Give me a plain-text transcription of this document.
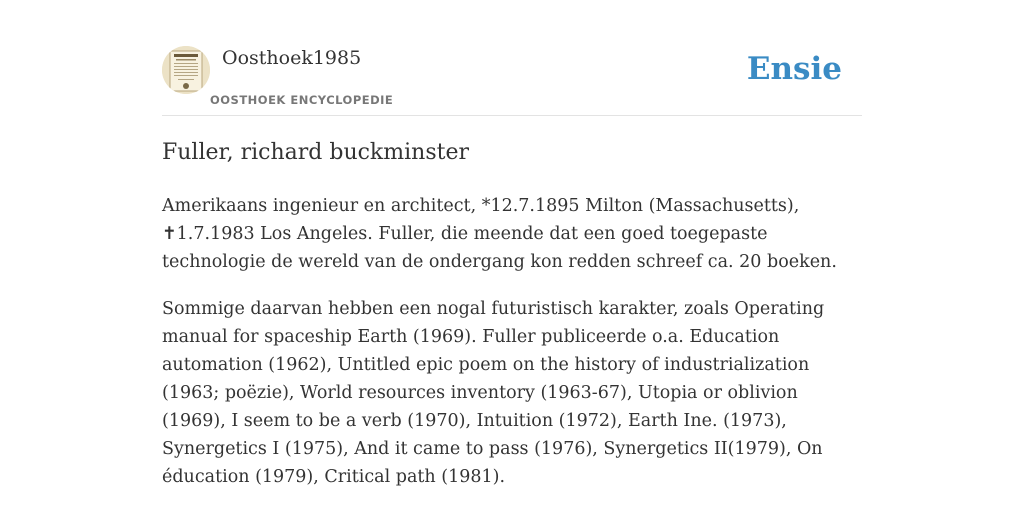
Oosthoek1985
OOSTHOEK ENCYCLOPEDIE
Ensie
Fuller, richard buckminster

Amerikaans ingenieur en architect, *12.7.1895 Milton (Massachusetts), ✝1.7.1983 Los Angeles. Fuller, die meende dat een goed toegepaste technologie de wereld van de ondergang kon redden schreef ca. 20 boeken.

Sommige daarvan hebben een nogal futuristisch karakter, zoals Operating manual for spaceship Earth (1969). Fuller publiceerde o.a. Education automation (1962), Untitled epic poem on the history of industrialization (1963; poëzie), World resources inventory (1963-67), Utopia or oblivion (1969), I seem to be a verb (1970), Intuition (1972), Earth Ine. (1973), Synergetics I (1975), And it came to pass (1976), Synergetics II(1979), On éducation (1979), Critical path (1981).
